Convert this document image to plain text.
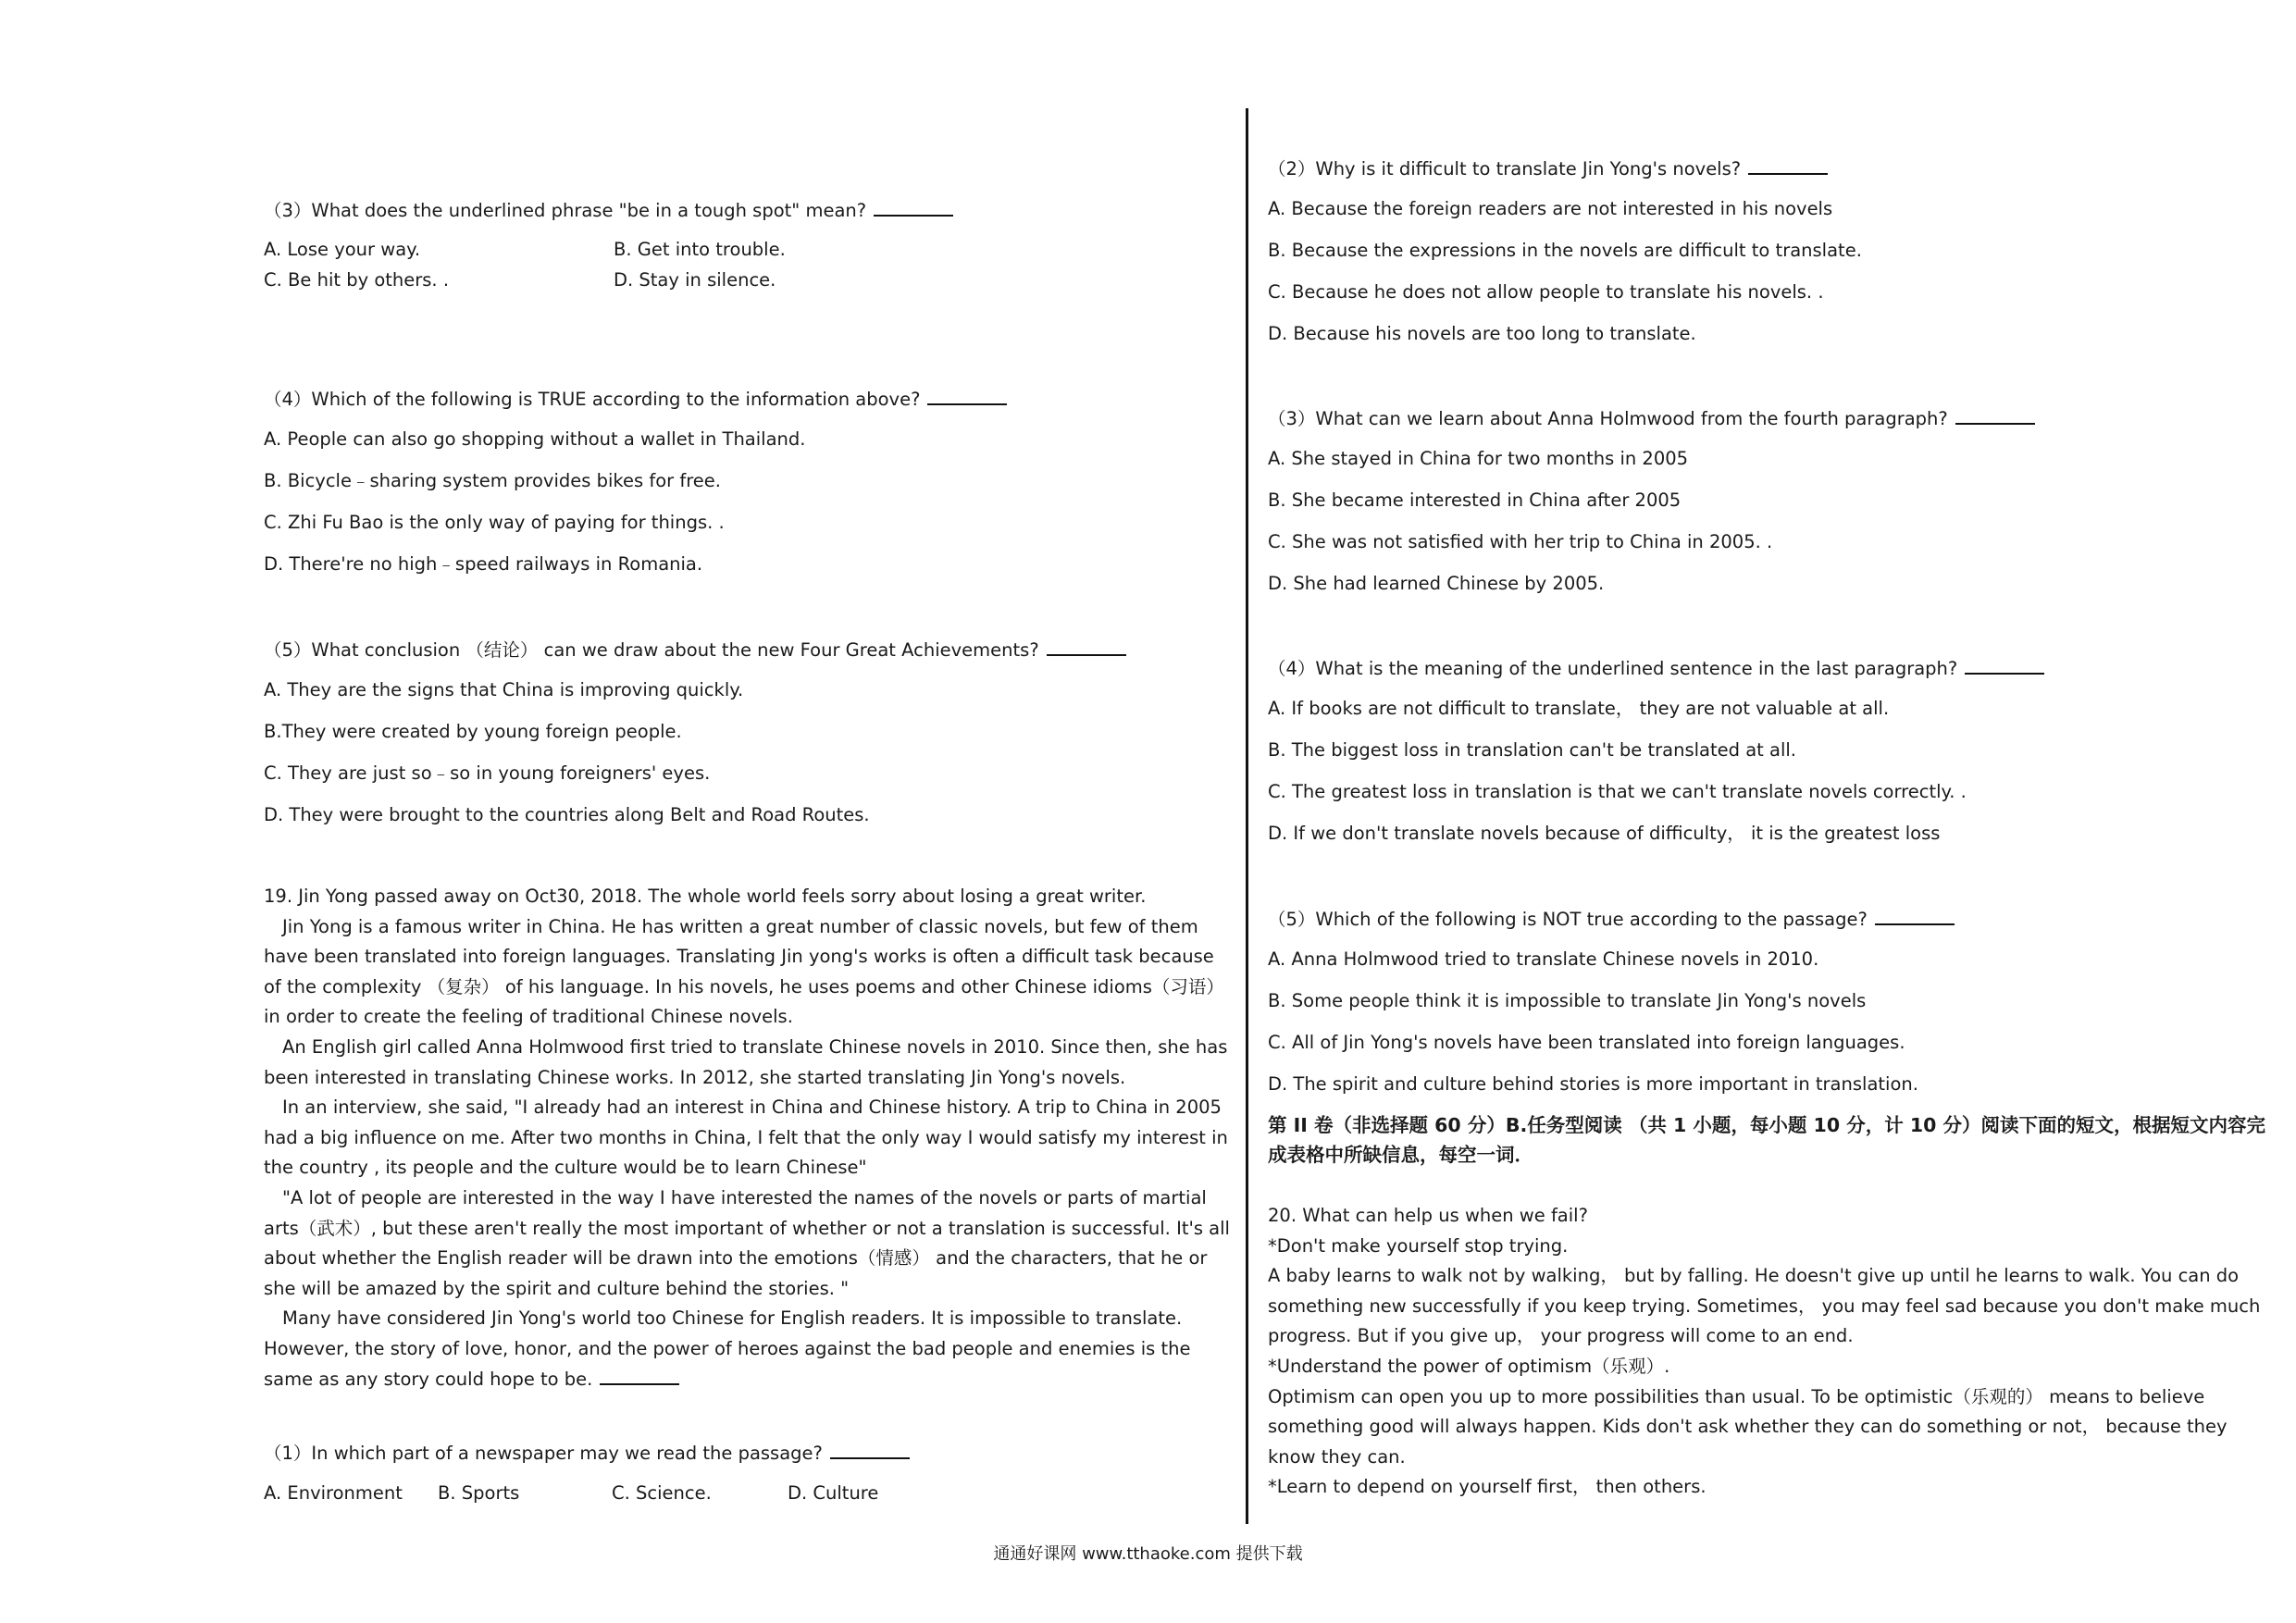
（3）What does the underlined phrase "be in a tough spot" mean?
A. Lose your way.	B. Get into trouble.
C. Be hit by others. .	D. Stay in silence.
（4）Which of the following is TRUE according to the information above?
A. People can also go shopping without a wallet in Thailand.
B. Bicycle﹣sharing system provides bikes for free.
C. Zhi Fu Bao is the only way of paying for things. .
D. There're no high﹣speed railways in Romania.
（5）What conclusion （结论） can we draw about the new Four Great Achievements?
A. They are the signs that China is improving quickly.
B.They were created by young foreign people.
C. They are just so﹣so in young foreigners' eyes.
D. They were brought to the countries along Belt and Road Routes.

19. Jin Yong passed away on Oct30, 2018. The whole world feels sorry about losing a great writer.

Jin Yong is a famous writer in China. He has written a great number of classic novels, but few of them have been translated into foreign languages. Translating Jin yong's works is often a difficult task because of the complexity （复杂） of his language. In his novels, he uses poems and other Chinese idioms（习语） in order to create the feeling of traditional Chinese novels.

An English girl called Anna Holmwood first tried to translate Chinese novels in 2010. Since then, she has been interested in translating Chinese works. In 2012, she started translating Jin Yong's novels.

In an interview, she said, "I already had an interest in China and Chinese history. A trip to China in 2005 had a big influence on me. After two months in China, I felt that the only way I would satisfy my interest in the country , its people and the culture would be to learn Chinese"

"A lot of people are interested in the way I have interested the names of the novels or parts of martial arts（武术）, but these aren't really the most important of whether or not a translation is successful. It's all about whether the English reader will be drawn into the emotions（情感） and the characters, that he or she will be amazed by the spirit and culture behind the stories. "

Many have considered Jin Yong's world too Chinese for English readers. It is impossible to translate. However, the story of love, honor, and the power of heroes against the bad people and enemies is the same as any story could hope to be.

（1）In which part of a newspaper may we read the passage?
A. Environment B. Sports	C. Science.	D. Culture
（2）Why is it difficult to translate Jin Yong's novels?
A. Because the foreign readers are not interested in his novels
B. Because the expressions in the novels are difficult to translate.
C. Because he does not allow people to translate his novels. .
D. Because his novels are too long to translate.
（3）What can we learn about Anna Holmwood from the fourth paragraph?
A. She stayed in China for two months in 2005
B. She became interested in China after 2005
C. She was not satisfied with her trip to China in 2005. .
D. She had learned Chinese by 2005.
（4）What is the meaning of the underlined sentence in the last paragraph?
A. If books are not difficult to translate， they are not valuable at all.
B. The biggest loss in translation can't be translated at all.
C. The greatest loss in translation is that we can't translate novels correctly. .
D. If we don't translate novels because of difficulty， it is the greatest loss
（5）Which of the following is NOT true according to the passage?
A. Anna Holmwood tried to translate Chinese novels in 2010.
B. Some people think it is impossible to translate Jin Yong's novels
C. All of Jin Yong's novels have been translated into foreign languages.
D. The spirit and culture behind stories is more important in translation.
第 II 卷（非选择题 60 分）B.任务型阅读 （共 1 小题，每小题 10 分，计 10 分）阅读下面的短文，根据短文内容完成表格中所缺信息，每空一词．

20. What can help us when we fail?

*Don't make yourself stop trying.

A baby learns to walk not by walking， but by falling. He doesn't give up until he learns to walk. You can do something new successfully if you keep trying. Sometimes， you may feel sad because you don't make much progress. But if you give up， your progress will come to an end.

*Understand the power of optimism（乐观）.

Optimism can open you up to more possibilities than usual. To be optimistic（乐观的） means to believe something good will always happen. Kids don't ask whether they can do something or not， because they know they can.

*Learn to depend on yourself first， then others.

通通好课网 www.tthaoke.com 提供下载
